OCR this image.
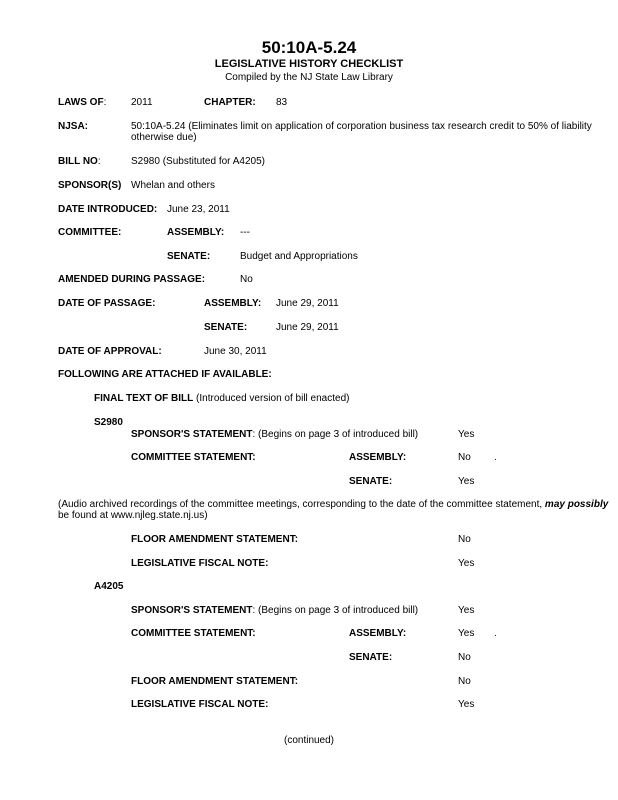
50:10A-5.24
LEGISLATIVE HISTORY CHECKLIST
Compiled by the NJ State Law Library
LAWS OF: 2011	CHAPTER: 83
NJSA:	50:10A-5.24 (Eliminates limit on application of corporation business tax research credit to 50% of liability
otherwise due)
BILL NO:	S2980 (Substituted for A4205)
SPONSOR(S) Whelan and others
DATE INTRODUCED: June 23, 2011
COMMITTEE:	ASSEMBLY: ---
SENATE:	Budget and Appropriations
AMENDED DURING PASSAGE:	No
DATE OF PASSAGE:	ASSEMBLY: June 29, 2011
SENATE:	June 29, 2011
DATE OF APPROVAL:	June 30, 2011
FOLLOWING ARE ATTACHED IF AVAILABLE:
FINAL TEXT OF BILL (Introduced version of bill enacted)
S2980
SPONSOR'S STATEMENT: (Begins on page 3 of introduced bill)	Yes
COMMITTEE STATEMENT:	ASSEMBLY:	No .
SENATE:	Yes
(Audio archived recordings of the committee meetings, corresponding to the date of the committee statement, may possibly
be found at www.njleg.state.nj.us)
FLOOR AMENDMENT STATEMENT:	No
LEGISLATIVE FISCAL NOTE:	Yes
A4205
SPONSOR'S STATEMENT: (Begins on page 3 of introduced bill)	Yes
COMMITTEE STATEMENT:	ASSEMBLY:	Yes .
SENATE:	No
FLOOR AMENDMENT STATEMENT:	No
LEGISLATIVE FISCAL NOTE:	Yes
(continued)
